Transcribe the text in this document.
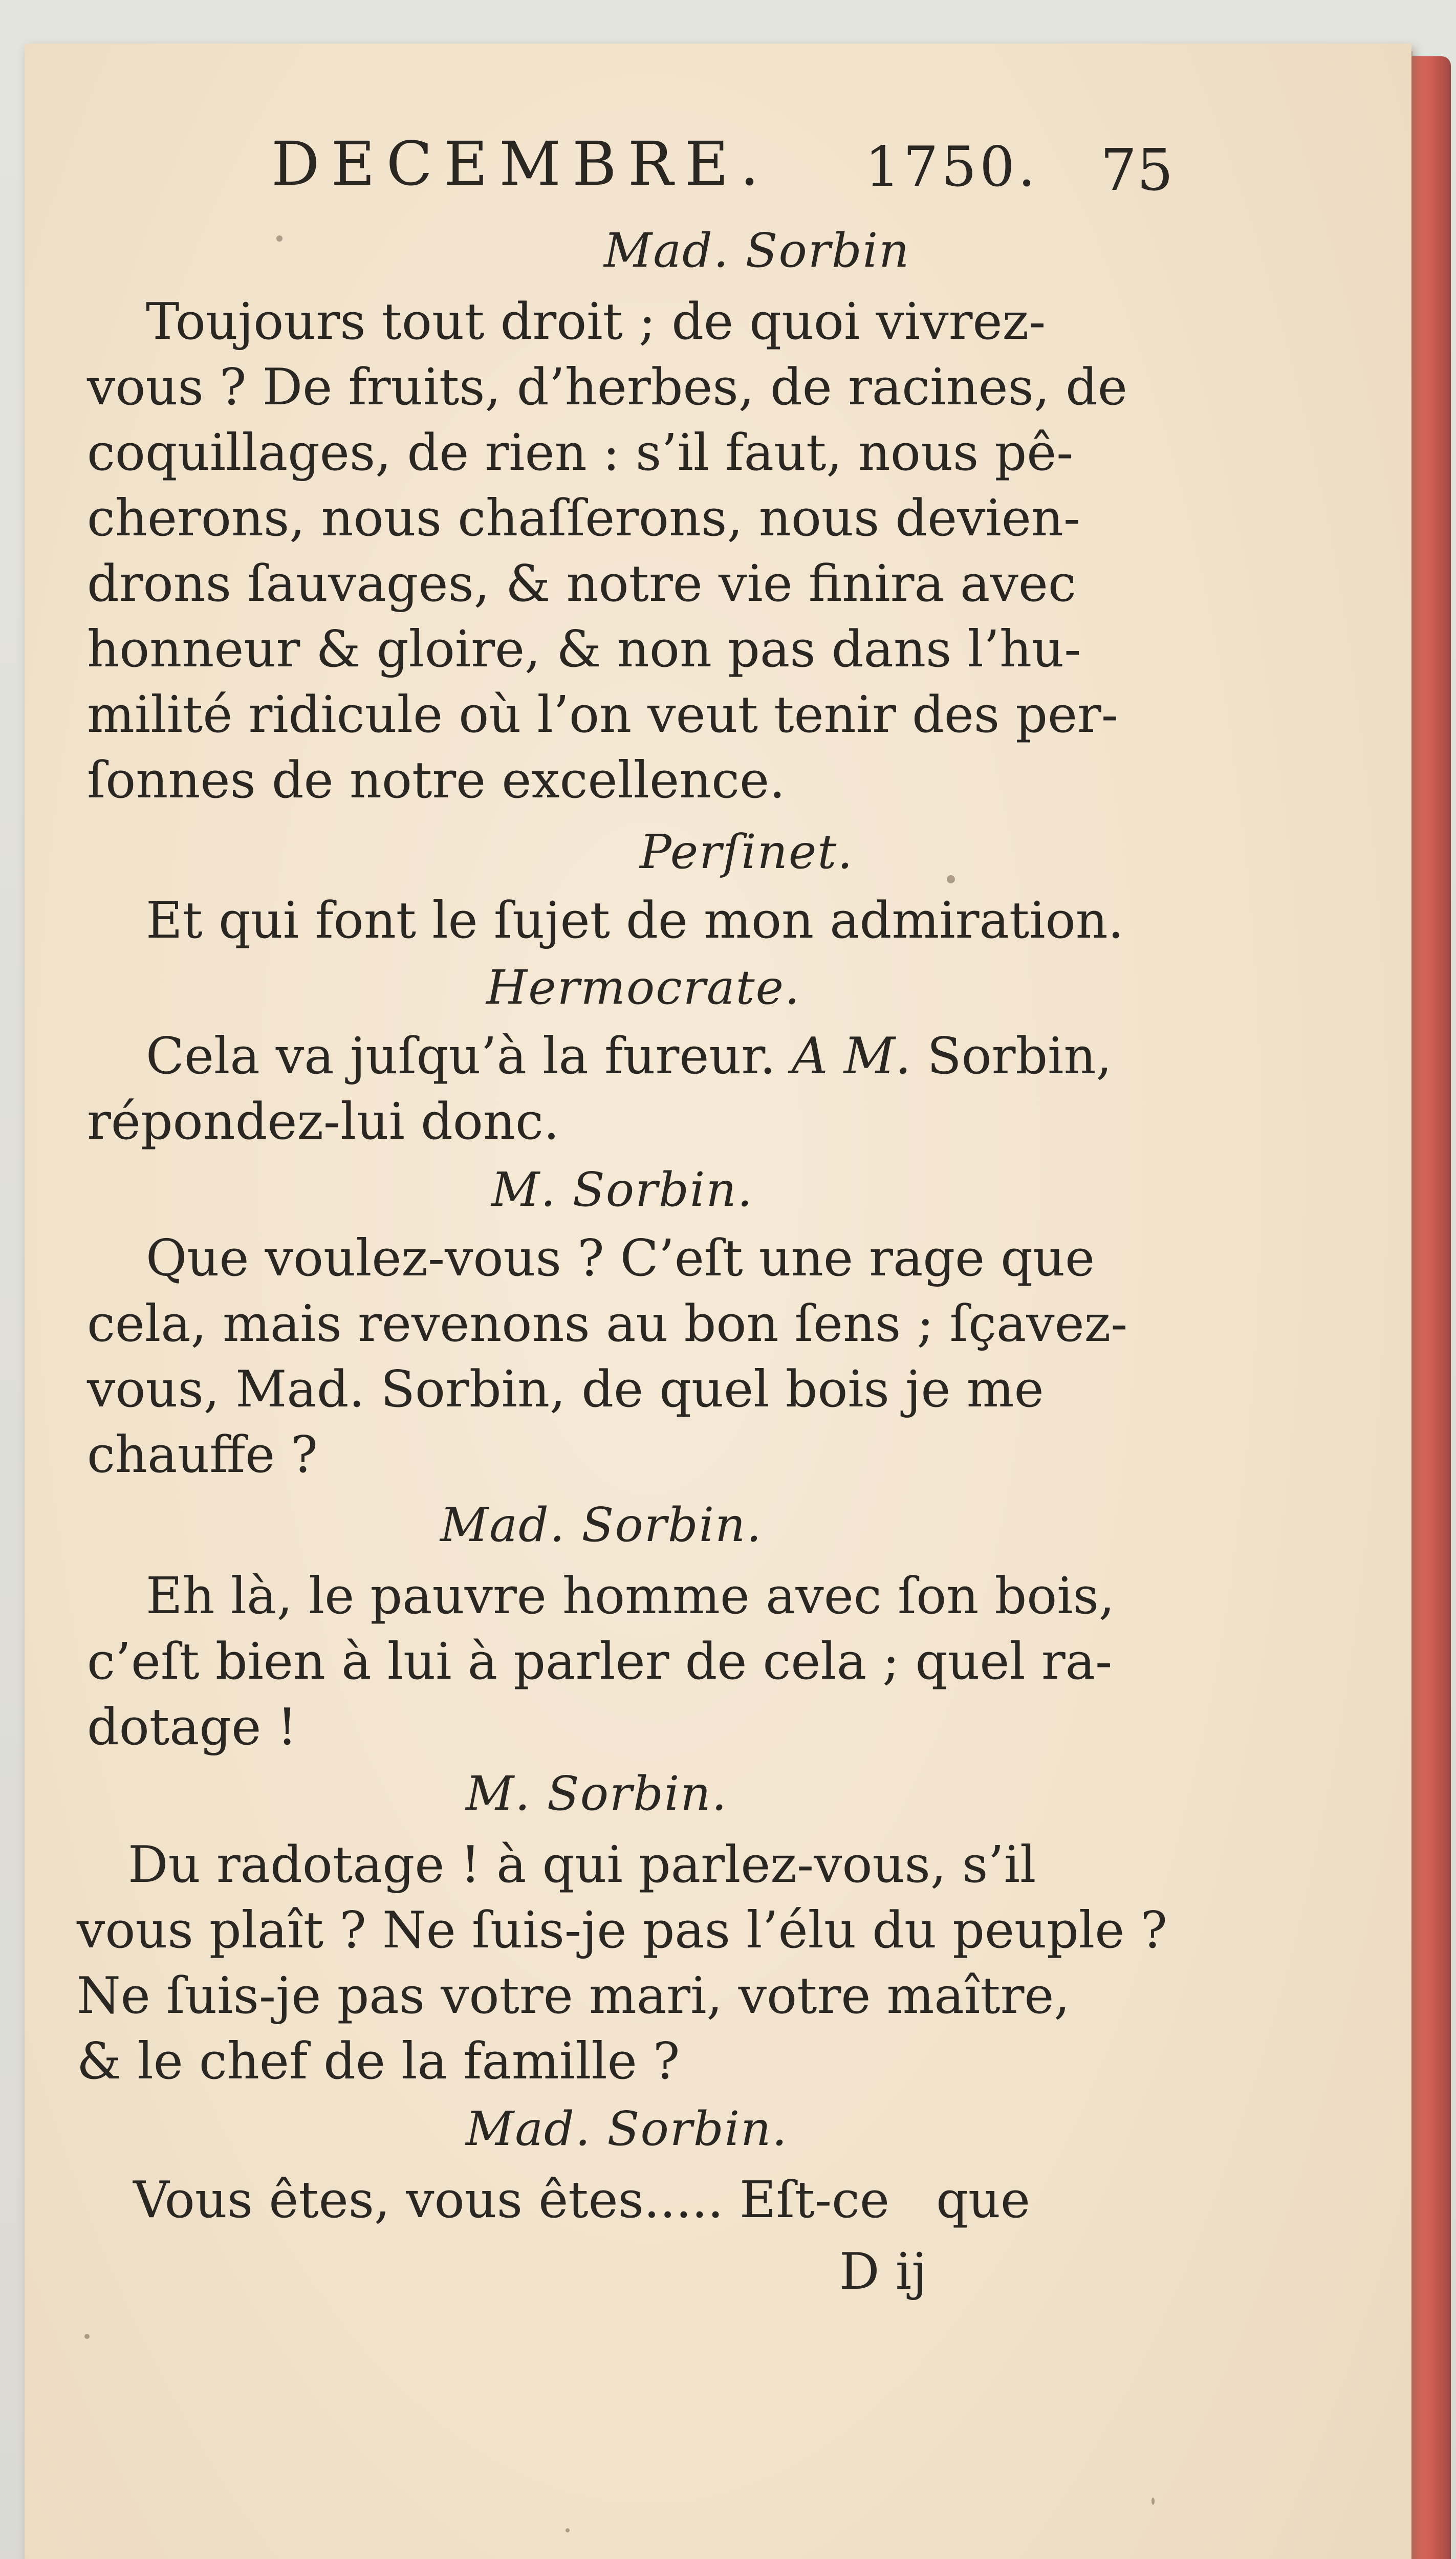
DECEMBRE. 1750. 75
Mad. Sorbin
Toujours tout droit ; de quoi vivrez-
vous ? De fruits, d’herbes, de racines, de
coquillages, de rien : s’il faut, nous pê-
cherons, nous chaſſerons, nous devien-
drons ſauvages, & notre vie finira avec
honneur & gloire, & non pas dans l’hu-
milité ridicule où l’on veut tenir des per-
ſonnes de notre excellence.
Perſinet.
Et qui font le ſujet de mon admiration.
Hermocrate.
Cela va juſqu’à la fureur. A M. Sorbin,
répondez-lui donc.
M. Sorbin.
Que voulez-vous ? C’eſt une rage que
cela, mais revenons au bon ſens ; ſçavez-
vous, Mad. Sorbin, de quel bois je me
chauffe ?
Mad. Sorbin.
Eh là, le pauvre homme avec ſon bois,
c’eſt bien à lui à parler de cela ; quel ra-
dotage !
M. Sorbin.
Du radotage ! à qui parlez-vous, s’il
vous plaît ? Ne ſuis-je pas l’élu du peuple ?
Ne ſuis-je pas votre mari, votre maître,
& le chef de la famille ?
Mad. Sorbin.
Vous êtes, vous êtes..... Eſt-ce que
D ij
